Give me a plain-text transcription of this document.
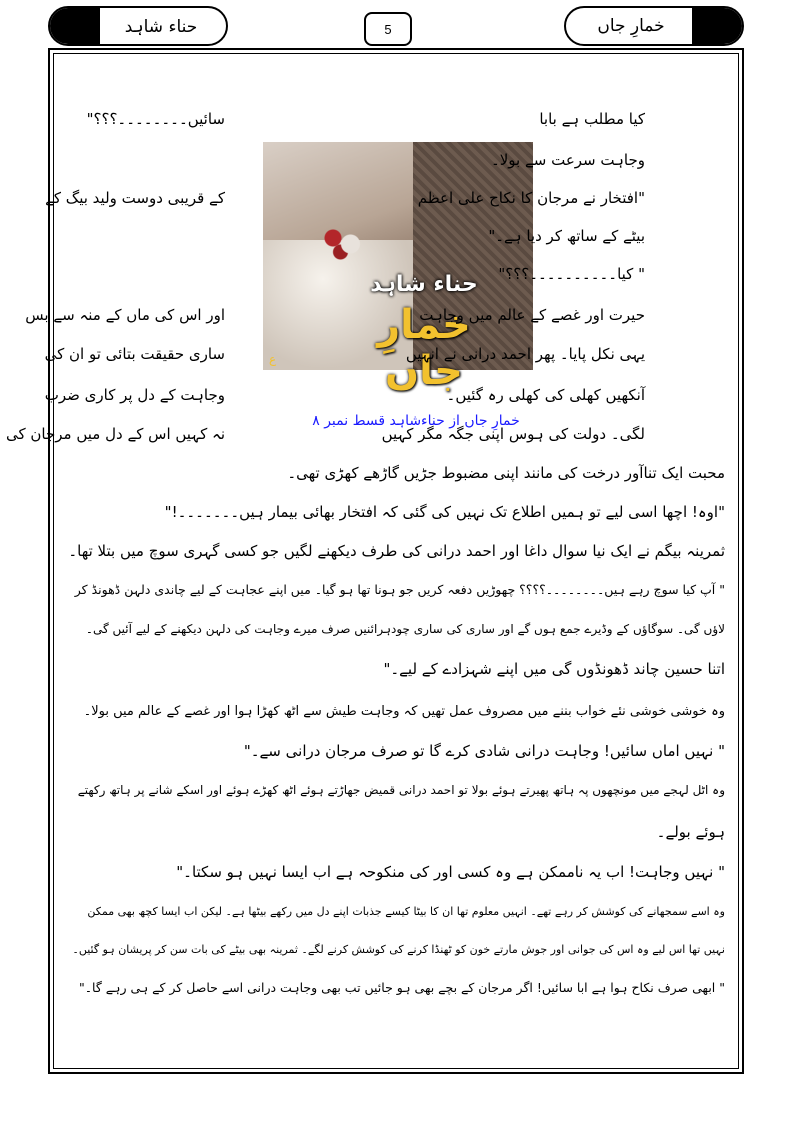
حناء شاہد	5	خمارِ جاں
حناء شاہد
خمارِ جاں
ع
خمارِ جاں از حناءشاہد قسط نمبر ۸
کیا مطلب ہے بابا
وجاہت سرعت سے بولا۔
"افتخار نے مرجان کا نکاح علی اعظم
بیٹے کے ساتھ کر دیا ہے۔"
" کیا۔۔۔۔۔۔۔۔۔۔؟؟؟"
حیرت اور غصے کے عالم میں وجاہت
یہی نکل پایا۔ پھر احمد درانی نے انہیں
آنکھیں کھلی کی کھلی رہ گئیں۔
لگی۔ دولت کی ہوس اپنی جگہ مگر کہیں
سائیں۔۔۔۔۔۔۔۔؟؟؟"
کے قریبی دوست ولید بیگ کے
اور اس کی ماں کے منہ سے بس
ساری حقیقت بتائی تو ان کی
وجاہت کے دل پر کاری ضرب
نہ کہیں اس کے دل میں مرجان کی
محبت ایک تناآور درخت کی مانند اپنی مضبوط جڑیں گاڑھے کھڑی تھی۔
"اوہ! اچھا اسی لیے تو ہمیں اطلاع تک نہیں کی گئی کہ افتخار بھائی بیمار ہیں۔۔۔۔۔۔۔!"
ثمرینہ بیگم نے ایک نیا سوال داغا اور احمد درانی کی طرف دیکھنے لگیں جو کسی گہری سوچ میں بتلا تھا۔
" آپ کیا سوچ رہے ہیں۔۔۔۔۔۔۔۔؟؟؟؟ چھوڑیں دفعہ کریں جو ہونا تھا ہو گیا۔ میں اپنے عجاہت کے لیے چاندی دلہن ڈھونڈ کر
لاؤں گی۔ سوگاؤں کے وڈیرے جمع ہوں گے اور ساری کی ساری چودہرائنیں صرف میرے وجاہت کی دلہن دیکھنے کے لیے آئیں گی۔
اتنا حسین چاند ڈھونڈوں گی میں اپنے شہزادے کے لیے۔"
وہ خوشی خوشی نئے خواب بننے میں مصروف عمل تھیں کہ وجاہت طیش سے اٹھ کھڑا ہوا اور غصے کے عالم میں بولا۔
" نہیں اماں سائیں! وجاہت درانی شادی کرے گا تو صرف مرجان درانی سے۔"
وہ اٹل لہجے میں مونچھوں پہ ہاتھ پھیرتے ہوئے بولا تو احمد درانی قمیض جھاڑتے ہوئے اٹھ کھڑے ہوئے اور اسکے شانے پر ہاتھ رکھتے
ہوئے بولے۔
" نہیں وجاہت! اب یہ ناممکن ہے وہ کسی اور کی منکوحہ ہے اب ایسا نہیں ہو سکتا۔"
وہ اسے سمجھانے کی کوشش کر رہے تھے۔ انہیں معلوم تھا ان کا بیٹا کیسے جذبات اپنے دل میں رکھے بیٹھا ہے۔ لیکن اب ایسا کچھ بھی ممکن
نہیں تھا اس لیے وہ اس کی جوانی اور جوش مارتے خون کو ٹھنڈا کرنے کی کوشش کرنے لگے۔ ثمرینہ بھی بیٹے کی بات سن کر پریشان ہو گئیں۔
" ابھی صرف نکاح ہوا ہے ابا سائیں! اگر مرجان کے بچے بھی ہو جائیں تب بھی وجاہت درانی اسے حاصل کر کے ہی رہے گا۔"
